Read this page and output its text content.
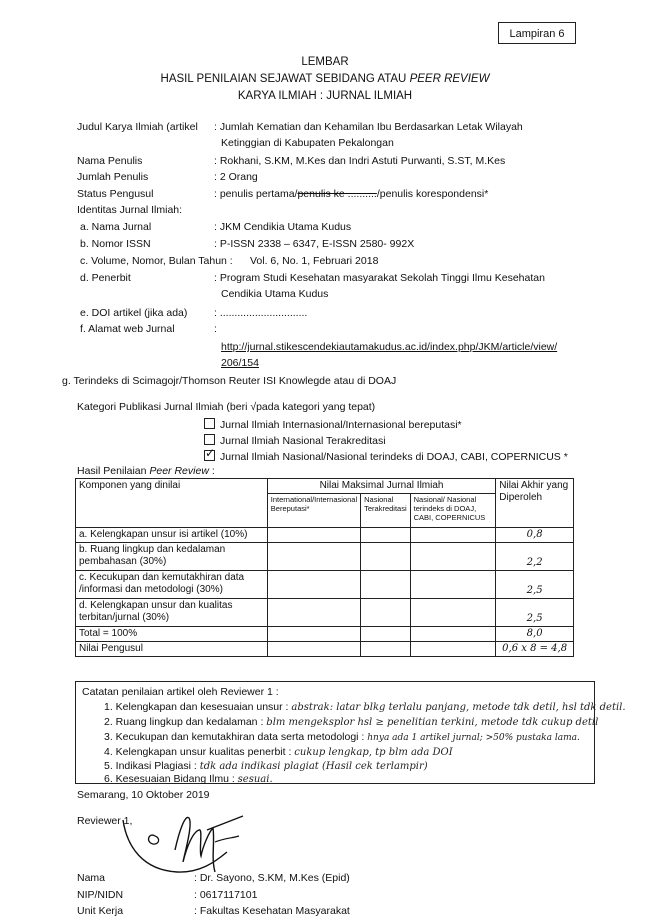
Lampiran 6
LEMBAR
HASIL PENILAIAN SEJAWAT SEBIDANG ATAU PEER REVIEW
KARYA ILMIAH : JURNAL ILMIAH
Judul Karya Ilmiah (artikel : Jumlah Kematian dan Kehamilan Ibu Berdasarkan Letak Wilayah
Ketinggian di Kabupaten Pekalongan
Nama Penulis	: Rokhani, S.KM, M.Kes dan Indri Astuti Purwanti, S.ST, M.Kes
Jumlah Penulis	: 2 Orang
Status Pengusul	: penulis pertama/penulis ke ........../penulis korespondensi*
Identitas Jurnal Ilmiah:
a. Nama Jurnal	: JKM Cendikia Utama Kudus
b. Nomor ISSN	: P-ISSN 2338 – 6347, E-ISSN 2580- 992X
c. Volume, Nomor, Bulan Tahun : Vol. 6, No. 1, Februari 2018
d. Penerbit	: Program Studi Kesehatan masyarakat Sekolah Tinggi Ilmu Kesehatan
Cendikia Utama Kudus
e. DOI artikel (jika ada)	: ..............................
f. Alamat web Jurnal	:
http://jurnal.stikescendekiautamakudus.ac.id/index.php/JKM/article/view/
206/154
g. Terindeks di Scimagojr/Thomson Reuter ISI Knowlegde atau di DOAJ
Kategori Publikasi Jurnal Ilmiah (beri √pada kategori yang tepat)
Jurnal Ilmiah Internasional/Internasional bereputasi*
Jurnal Ilmiah Nasional Terakreditasi
✓Jurnal Ilmiah Nasional/Nasional terindeks di DOAJ, CABI, COPERNICUS *
Hasil Penilaian Peer Review :
Komponen yang dinilai	Nilai Maksimal Jurnal Ilmiah			Nilai Akhir yang Diperoleh
	International/Internasional Bereputasi*	Nasional Terakreditasi	Nasional/ Nasional terindeks di DOAJ, CABI, COPERNICUS	
a. Kelengkapan unsur isi artikel (10%)				0,8
b. Ruang lingkup dan kedalaman pembahasan (30%)				2,2
c. Kecukupan dan kemutakhiran data /informasi dan metodologi (30%)				2,5
d. Kelengkapan unsur dan kualitas terbitan/jurnal (30%)				2,5
Total = 100%				8,0
Nilai Pengusul				0,6 x 8 = 4,8
Catatan penilaian artikel oleh Reviewer 1 :
1. Kelengkapan dan kesesuaian unsur : abstrak: latar blkg terlalu panjang, metode tdk detil, hsl tdk detil.
2. Ruang lingkup dan kedalaman : blm mengeksplor hsl ≥ penelitian terkini, metode tdk cukup detil
3. Kecukupan dan kemutakhiran data serta metodologi : hnya ada 1 artikel jurnal; >50% pustaka lama.
4. Kelengkapan unsur kualitas penerbit : cukup lengkap, tp blm ada DOI
5. Indikasi Plagiasi : tdk ada indikasi plagiat (Hasil cek terlampir)
6. Kesesuaian Bidang Ilmu : sesuai.
Semarang, 10 Oktober 2019
Reviewer 1,
Nama	: Dr. Sayono, S.KM, M.Kes (Epid)
NIP/NIDN	: 0617117101
Unit Kerja	: Fakultas Kesehatan Masyarakat
